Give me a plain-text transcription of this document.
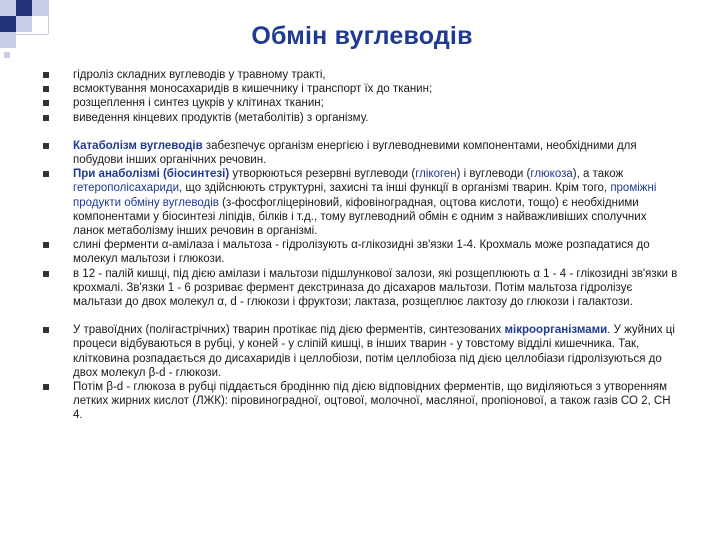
Обмін вуглеводів
гідроліз складних вуглеводів у травному тракті,
всмоктування моносахаридів в кишечнику і транспорт їх до тканин;
розщеплення і синтез цукрів у клітинах тканин;
виведення кінцевих продуктів (метаболітів) з організму.
Катаболізм вуглеводів забезпечує організм енергією і вуглеводневими компонентами, необхідними для побудови інших органічних речовин.
При анаболізмі (біосинтезі) утворюються резервні вуглеводи (глікоген) і вуглеводи (глюкоза), а також гетерополісахариди, що здійснюють структурні, захисні та інші функції в організмі тварин. Крім того, проміжні продукти обміну вуглеводів (з-фосфогліцеріновий, кіфовіноградная, оцтова кислоти, тощо) є необхідними компонентами у біосинтезі ліпідів, білків і т.д., тому вуглеводний обмін є одним з найважливіших сполучних ланок метаболізму інших речовин в організмі.
слині ферменти α-амілаза і мальтоза - гідролізують α-глікозидні зв'язки 1-4. Крохмаль може розпадатися до молекул мальтози і глюкози.
в 12 - палій кишці, під дією амілази і мальтози підшлункової залози, які розщеплюють α 1 - 4 - глікозидні зв'язки в крохмалі. Зв'язки 1 - 6 розриває фермент декстриназа до дісахаров мальтози. Потім мальтоза гідролізує мальтази до двох молекул α, d - глюкози і фруктози; лактаза, розщеплює лактозу до глюкози і галактози.
У травоїдних (полігастрічних) тварин протікає під дією ферментів, синтезованих мікроорганізмами. У жуйних ці процеси відбуваються в рубці, у коней - у сліпій кишці, в інших тварин - у товстому відділі кишечника. Так, клітковина розпадається до дисахаридів і целлобіози, потім целлобіоза під дією целлобіази гідролізуються до двох молекул β-d - глюкози.
Потім β-d - глюкоза в рубці піддається бродінню під дією відповідних ферментів, що виділяються з утворенням летких жирних кислот (ЛЖК): піровиноградної, оцтової, молочної, масляної, пропіонової, а також газів СО 2, СН 4.
